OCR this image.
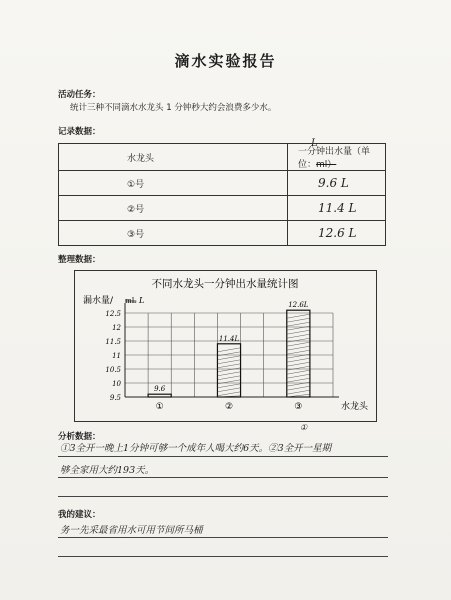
滴水实验报告
活动任务：
统计三种不同滴水水龙头 1 分钟秒大约会浪费多少水。
记录数据：
L
水龙头	一分钟出水量（单位：ml）
①号	9.6 L
②号	11.4 L
③号	12.6 L
整理数据：
不同水龙头一分钟出水量统计图
漏水量/ mL L
12.5
12
11.5
11
10.5
10
9.5
9.6
①
11.4L
②
12.6L
③	水龙头
分析数据：
①
①3全开一晚上1分钟可够一个成年人喝大约6天。②3全开一星期
够全家用大约193天。
我的建议：
务一先采最省用水可用节间所马桶
